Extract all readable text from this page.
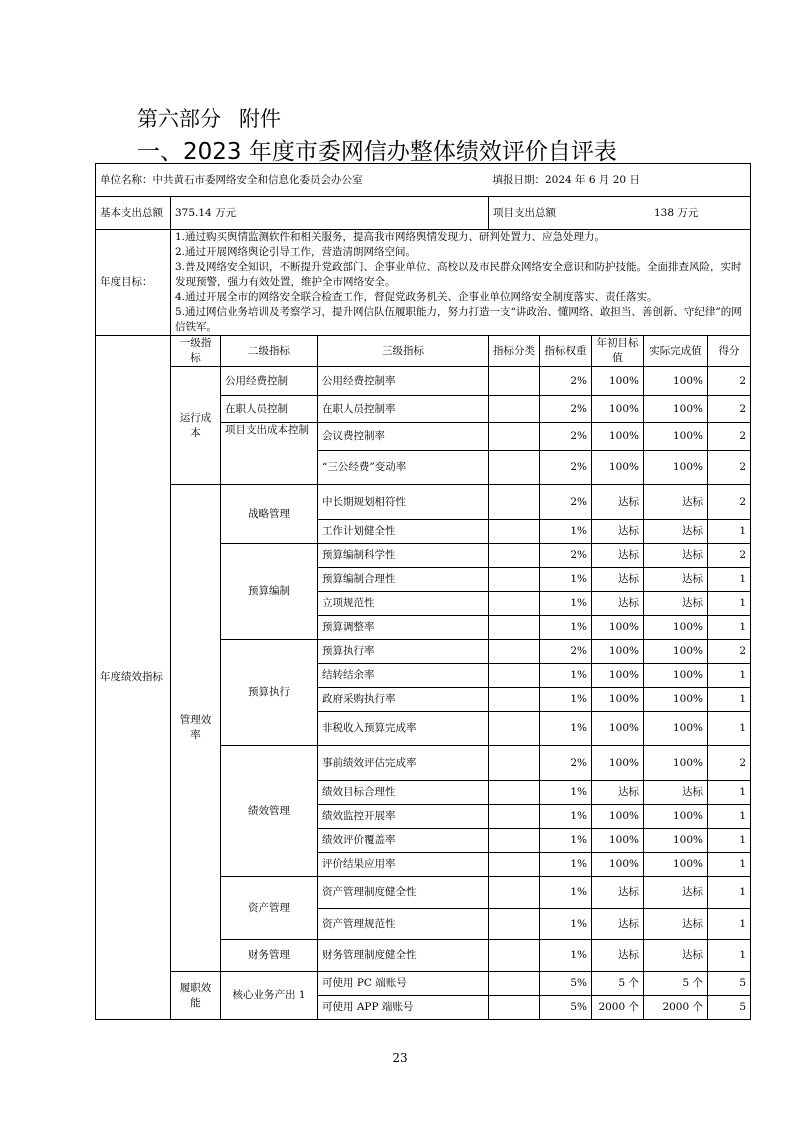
第六部分 附件
一、2023 年度市委网信办整体绩效评价自评表
单位名称：中共黄石市委网络安全和信息化委员会办公室 填报日期：2024 年 6 月 20 日								
基本支出总额	375.14 万元			项目支出总额 138 万元				
年度目标：	1.通过购买舆情监测软件和相关服务，提高我市网络舆情发现力、研判处置力、应急处理力。
2.通过开展网络舆论引导工作，营造清朗网络空间。
3.普及网络安全知识，不断提升党政部门、企事业单位、高校以及市民群众网络安全意识和防护技能。全面排查风险，实时发现预警，强力有效处置，维护全市网络安全。
4.通过开展全市的网络安全联合检查工作，督促党政务机关、企事业单位网络安全制度落实、责任落实。
5.通过网信业务培训及考察学习，提升网信队伍履职能力，努力打造一支“讲政治、懂网络、敢担当、善创新、守纪律”的网信铁军。							

年度绩效指标	一级指标	二级指标	三级指标	指标分类	指标权重	年初目标值	实际完成值	得分
	运行成本	公用经费控制	公用经费控制率		2%	100%	100%	2
		在职人员控制	在职人员控制率		2%	100%	100%	2
		项目支出成本控制	会议费控制率		2%	100%	100%	2
			“三公经费”变动率		2%	100%	100%	2
	管理效率	战略管理	中长期规划相符性		2%	达标	达标	2
			工作计划健全性		1%	达标	达标	1
		预算编制	预算编制科学性		2%	达标	达标	2
			预算编制合理性		1%	达标	达标	1
			立项规范性		1%	达标	达标	1
			预算调整率		1%	100%	100%	1
		预算执行	预算执行率		2%	100%	100%	2
			结转结余率		1%	100%	100%	1
			政府采购执行率		1%	100%	100%	1
			非税收入预算完成率		1%	100%	100%	1
		绩效管理	事前绩效评估完成率		2%	100%	100%	2
			绩效目标合理性		1%	达标	达标	1
			绩效监控开展率		1%	100%	100%	1
			绩效评价覆盖率		1%	100%	100%	1
			评价结果应用率		1%	100%	100%	1
		资产管理	资产管理制度健全性		1%	达标	达标	1
			资产管理规范性		1%	达标	达标	1
		财务管理	财务管理制度健全性		1%	达标	达标	1
	履职效能	核心业务产出 1	可使用 PC 端账号		5%	5 个	5 个	5
			可使用 APP 端账号		5%	2000 个	2000 个	5
23
